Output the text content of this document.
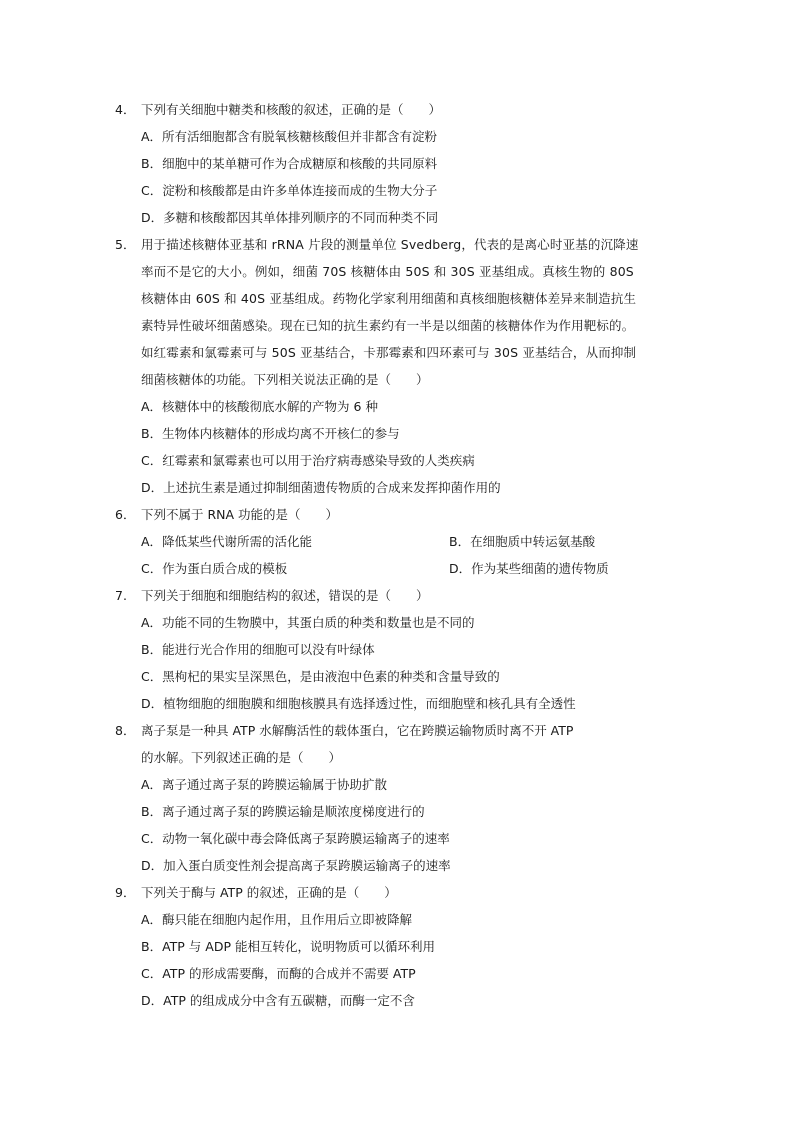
4． 下列有关细胞中糖类和核酸的叙述，正确的是（　　）
A．所有活细胞都含有脱氧核糖核酸但并非都含有淀粉
B．细胞中的某单糖可作为合成糖原和核酸的共同原料
C．淀粉和核酸都是由许多单体连接而成的生物大分子
D．多糖和核酸都因其单体排列顺序的不同而种类不同
5． 用于描述核糖体亚基和 rRNA 片段的测量单位 Svedberg，代表的是离心时亚基的沉降速
率而不是它的大小。例如，细菌 70S 核糖体由 50S 和 30S 亚基组成。真核生物的 80S
核糖体由 60S 和 40S 亚基组成。药物化学家利用细菌和真核细胞核糖体差异来制造抗生
素特异性破坏细菌感染。现在已知的抗生素约有一半是以细菌的核糖体作为作用靶标的。
如红霉素和氯霉素可与 50S 亚基结合，卡那霉素和四环素可与 30S 亚基结合，从而抑制
细菌核糖体的功能。下列相关说法正确的是（　　）
A．核糖体中的核酸彻底水解的产物为 6 种
B．生物体内核糖体的形成均离不开核仁的参与
C．红霉素和氯霉素也可以用于治疗病毒感染导致的人类疾病
D．上述抗生素是通过抑制细菌遗传物质的合成来发挥抑菌作用的
6． 下列不属于 RNA 功能的是（　　）
A．降低某些代谢所需的活化能	B．在细胞质中转运氨基酸
C．作为蛋白质合成的模板	D．作为某些细菌的遗传物质
7. 下列关于细胞和细胞结构的叙述，错误的是（　　）
A．功能不同的生物膜中，其蛋白质的种类和数量也是不同的
B．能进行光合作用的细胞可以没有叶绿体
C．黑枸杞的果实呈深黑色，是由液泡中色素的种类和含量导致的
D．植物细胞的细胞膜和细胞核膜具有选择透过性，而细胞壁和核孔具有全透性
8． 离子泵是一种具 ATP 水解酶活性的载体蛋白，它在跨膜运输物质时离不开 ATP
的水解。下列叙述正确的是（　　）
A．离子通过离子泵的跨膜运输属于协助扩散
B．离子通过离子泵的跨膜运输是顺浓度梯度进行的
C．动物一氧化碳中毒会降低离子泵跨膜运输离子的速率
D．加入蛋白质变性剂会提高离子泵跨膜运输离子的速率
9． 下列关于酶与 ATP 的叙述，正确的是（　　）
A．酶只能在细胞内起作用，且作用后立即被降解
B．ATP 与 ADP 能相互转化，说明物质可以循环利用
C．ATP 的形成需要酶，而酶的合成并不需要 ATP
D．ATP 的组成成分中含有五碳糖，而酶一定不含
